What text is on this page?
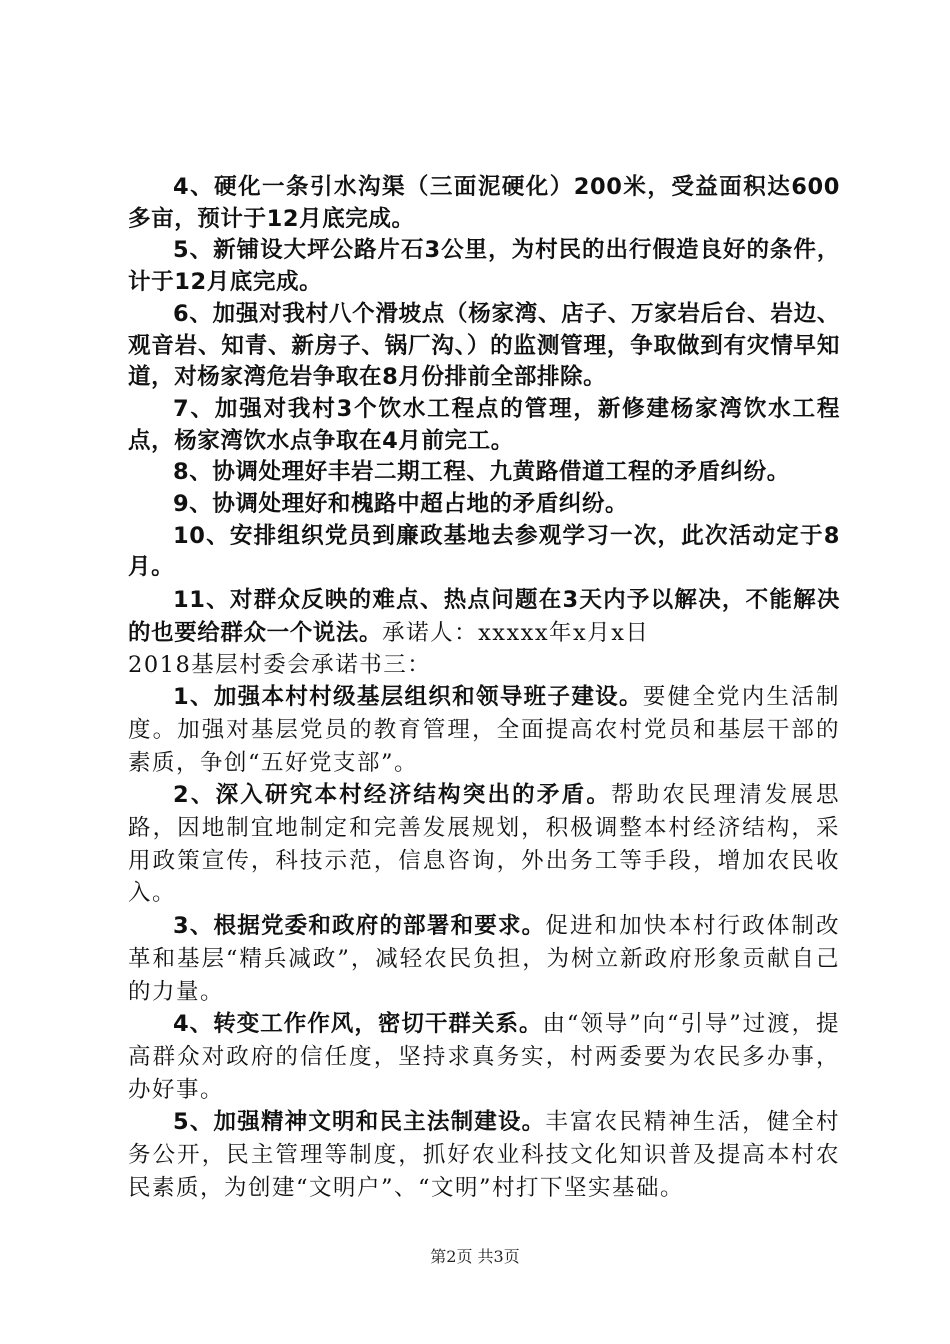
4、硬化一条引水沟渠（三面泥硬化）200米，受益面积达600多亩，预计于12月底完成。

5、新铺设大坪公路片石3公里，为村民的出行假造良好的条件，计于12月底完成。

6、加强对我村八个滑坡点（杨家湾、店子、万家岩后台、岩边、观音岩、知青、新房子、锅厂沟、）的监测管理，争取做到有灾情早知道，对杨家湾危岩争取在8月份排前全部排除。

7、加强对我村3个饮水工程点的管理，新修建杨家湾饮水工程点，杨家湾饮水点争取在4月前完工。

8、协调处理好丰岩二期工程、九黄路借道工程的矛盾纠纷。

9、协调处理好和槐路中超占地的矛盾纠纷。

10、安排组织党员到廉政基地去参观学习一次，此次活动定于8月。

11、对群众反映的难点、热点问题在3天内予以解决，不能解决的也要给群众一个说法。承诺人：xxxxx年x月x日

2018基层村委会承诺书三：

1、加强本村村级基层组织和领导班子建设。要健全党内生活制度。加强对基层党员的教育管理，全面提高农村党员和基层干部的素质，争创“五好党支部”。

2、深入研究本村经济结构突出的矛盾。帮助农民理清发展思路，因地制宜地制定和完善发展规划，积极调整本村经济结构，采用政策宣传，科技示范，信息咨询，外出务工等手段，增加农民收入。

3、根据党委和政府的部署和要求。促进和加快本村行政体制改革和基层“精兵减政”，减轻农民负担，为树立新政府形象贡献自己的力量。

4、转变工作作风，密切干群关系。由“领导”向“引导”过渡，提高群众对政府的信任度，坚持求真务实，村两委要为农民多办事，办好事。

5、加强精神文明和民主法制建设。丰富农民精神生活，健全村务公开，民主管理等制度，抓好农业科技文化知识普及提高本村农民素质，为创建“文明户”、“文明”村打下坚实基础。

第2页 共3页
